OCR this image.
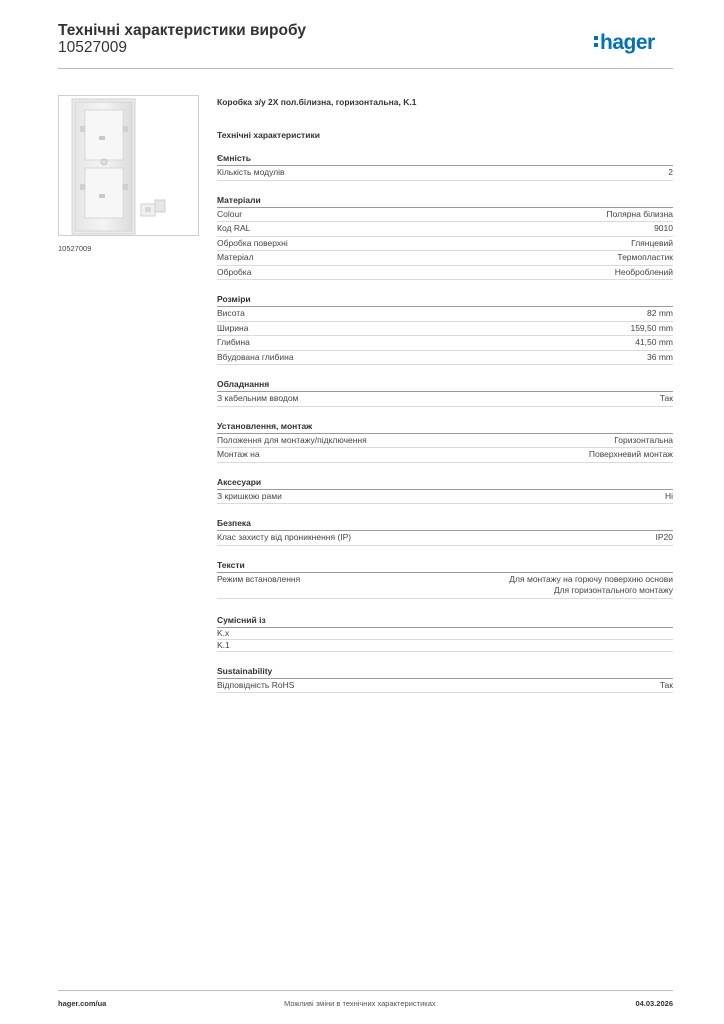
Технічні характеристики виробу
10527009	hager
10527009
Коробка з/у 2X пол.білизна, горизонтальна, K.1
Технічні характеристики
Ємність
Кількість модулів	2
Матеріали
Colour	Полярна білизна
Код RAL	9010
Обробка поверхні	Глянцевий
Матеріал	Термопластик
Обробка	Необроблений
Розміри
Висота	82 mm
Ширина	159,50 mm
Глибина	41,50 mm
Вбудована глибина	36 mm
Обладнання
З кабельним вводом	Так
Установлення, монтаж
Положення для монтажу/підключення	Горизонтальна
Монтаж на	Поверхневий монтаж
Аксесуари
З кришкою рами	Ні
Безпека
Клас захисту від проникнення (IP)	IP20
Тексти
Режим встановлення	Для монтажу на горючу поверхню основи
Для горизонтального монтажу
Сумісний із
K.x
K.1
Sustainability
Відповідність RoHS	Так
hager.com/ua	Можливі зміни в технічних характеристиках	04.03.2026
